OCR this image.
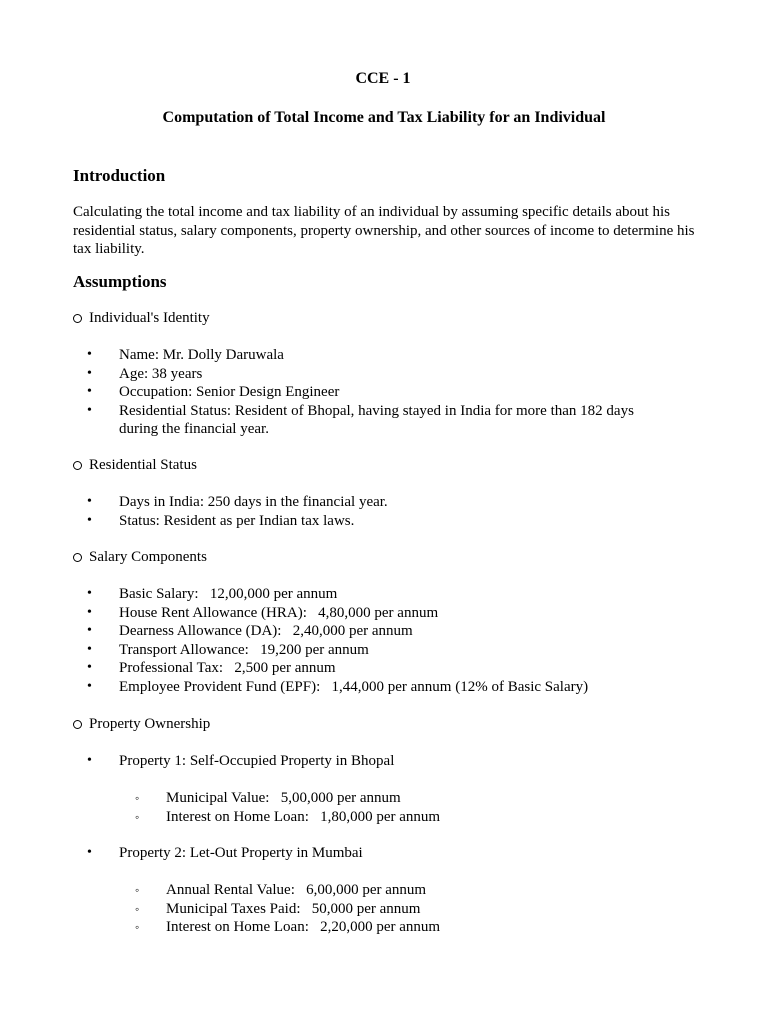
CCE - 1
Computation of Total Income and Tax Liability for an Individual
Introduction
Calculating the total income and tax liability of an individual by assuming specific details about his residential status, salary components, property ownership, and other sources of income to determine his tax liability.
Assumptions
Individual's Identity
• Name: Mr. Dolly Daruwala
• Age: 38 years
• Occupation: Senior Design Engineer
• Residential Status: Resident of Bhopal, having stayed in India for more than 182 days during the financial year.
Residential Status
• Days in India: 250 days in the financial year.
• Status: Resident as per Indian tax laws.
Salary Components
• Basic Salary:   12,00,000 per annum
• House Rent Allowance (HRA):   4,80,000 per annum
• Dearness Allowance (DA):   2,40,000 per annum
• Transport Allowance:   19,200 per annum
• Professional Tax:   2,500 per annum
• Employee Provident Fund (EPF):   1,44,000 per annum (12% of Basic Salary)
Property Ownership
• Property 1: Self-Occupied Property in Bhopal
◦ Municipal Value:   5,00,000 per annum
◦ Interest on Home Loan:   1,80,000 per annum
• Property 2: Let-Out Property in Mumbai
◦ Annual Rental Value:   6,00,000 per annum
◦ Municipal Taxes Paid:   50,000 per annum
◦ Interest on Home Loan:   2,20,000 per annum
